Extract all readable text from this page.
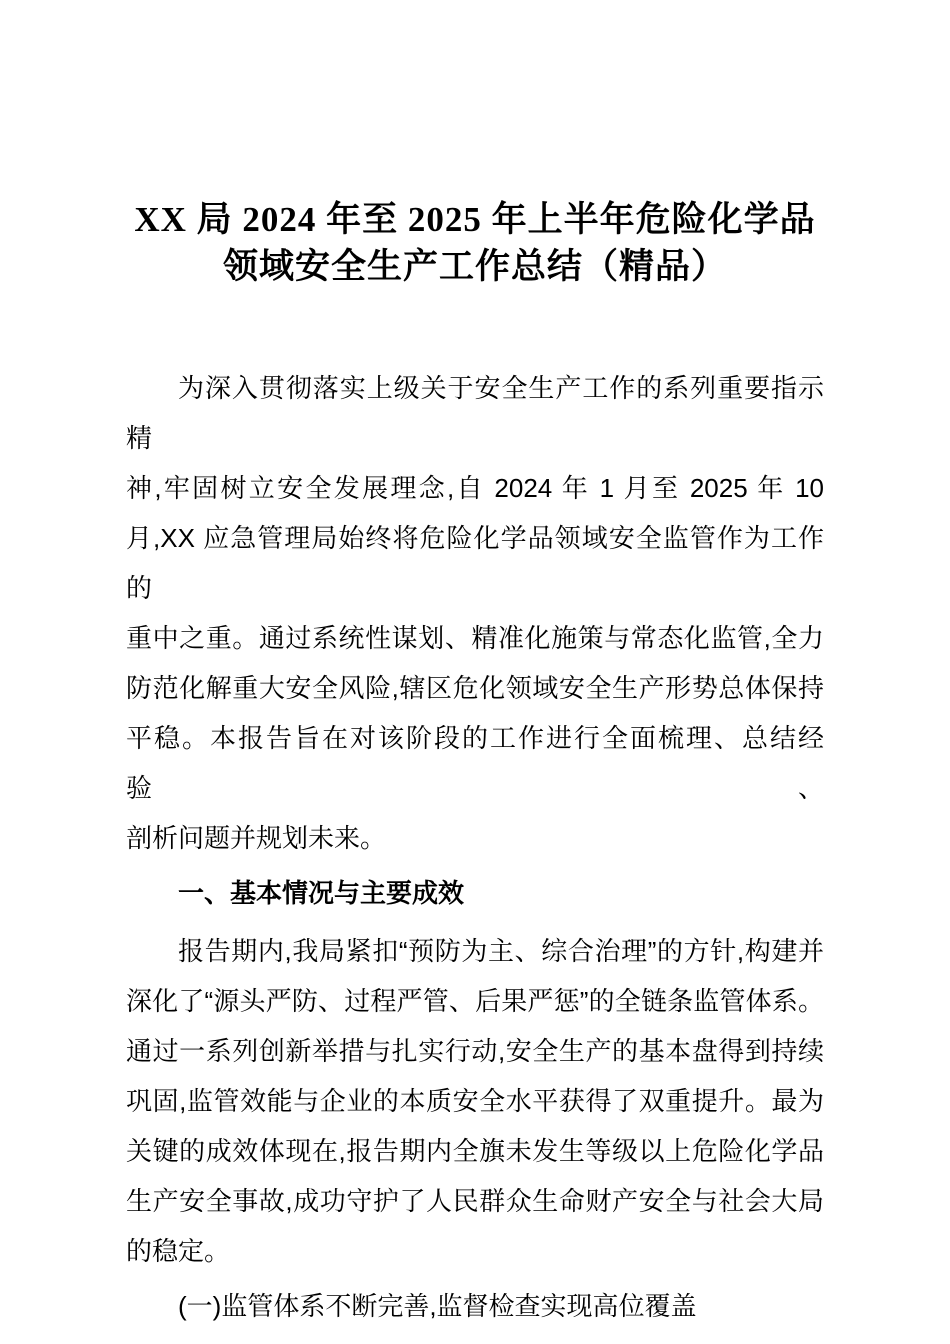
XX 局 2024 年至 2025 年上半年危险化学品
领域安全生产工作总结（精品）
为深入贯彻落实上级关于安全生产工作的系列重要指示精
神,牢固树立安全发展理念,自 2024 年 1 月至 2025 年 10
月,XX 应急管理局始终将危险化学品领域安全监管作为工作的
重中之重。通过系统性谋划、精准化施策与常态化监管,全力
防范化解重大安全风险,辖区危化领域安全生产形势总体保持
平稳。本报告旨在对该阶段的工作进行全面梳理、总结经验、
剖析问题并规划未来。
一、基本情况与主要成效
报告期内,我局紧扣“预防为主、综合治理”的方针,构建并
深化了“源头严防、过程严管、后果严惩”的全链条监管体系。
通过一系列创新举措与扎实行动,安全生产的基本盘得到持续
巩固,监管效能与企业的本质安全水平获得了双重提升。最为
关键的成效体现在,报告期内全旗未发生等级以上危险化学品
生产安全事故,成功守护了人民群众生命财产安全与社会大局
的稳定。
(一)监管体系不断完善,监督检查实现高位覆盖
